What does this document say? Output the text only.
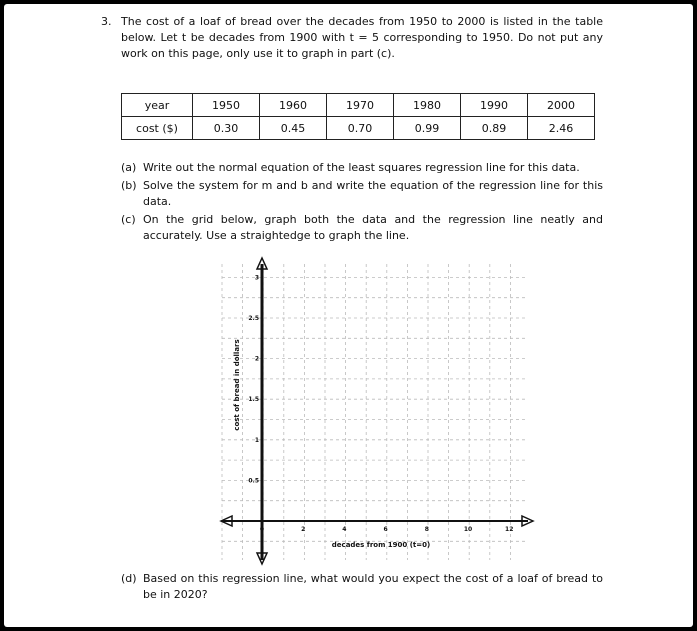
3. The cost of a loaf of bread over the decades from 1950 to 2000 is listed in the table below. Let t be decades from 1900 with t = 5 corresponding to 1950. Do not put any work on this page, only use it to graph in part (c).
year	1950	1960	1970	1980	1990	2000
cost ($)	0.30	0.45	0.70	0.99	0.89	2.46
(a) Write out the normal equation of the least squares regression line for this data.
(b) Solve the system for m and b and write the equation of the regression line for this data.
(c) On the grid below, graph both the data and the regression line neatly and accurately. Use a straightedge to graph the line.
0.5
1
1.5
2
2.5
3
0	2	4	6	8	10	12
cost of bread in dollars
decades from 1900 (t=0)
(d) Based on this regression line, what would you expect the cost of a loaf of bread to be in 2020?
